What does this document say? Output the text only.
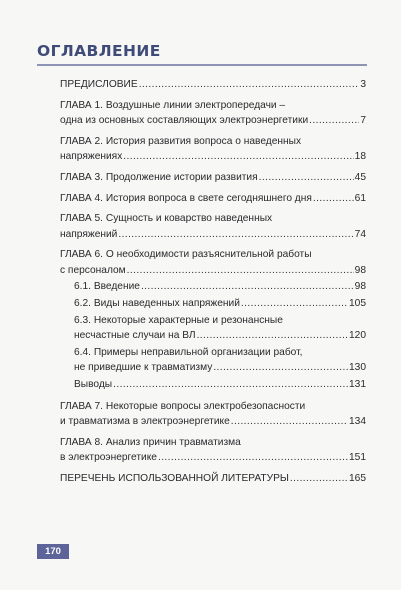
ОГЛАВЛЕНИЕ
ПРЕДИСЛОВИЕ .....	3
ГЛАВА 1. Воздушные линии электропередачи –
одна из основных составляющих электроэнергетики .....	7
ГЛАВА 2. История развития вопроса о наведенных
напряжениях .....	18
ГЛАВА 3. Продолжение истории развития .....	45
ГЛАВА 4. История вопроса в свете сегодняшнего дня .....	61
ГЛАВА 5. Сущность и коварство наведенных
напряжений .....	74
ГЛАВА 6. О необходимости разъяснительной работы
с персоналом .....	98
6.1. Введение .....	98
6.2. Виды наведенных напряжений .....	105
6.3. Некоторые характерные и резонансные
несчастные случаи на ВЛ .....	120
6.4. Примеры неправильной организации работ,
не приведшие к травматизму .....	130
Выводы .....	131
ГЛАВА 7. Некоторые вопросы электробезопасности
и травматизма в электроэнергетике .....	134
ГЛАВА 8. Анализ причин травматизма
в электроэнергетике .....	151
ПЕРЕЧЕНЬ ИСПОЛЬЗОВАННОЙ ЛИТЕРАТУРЫ .....	165
170
